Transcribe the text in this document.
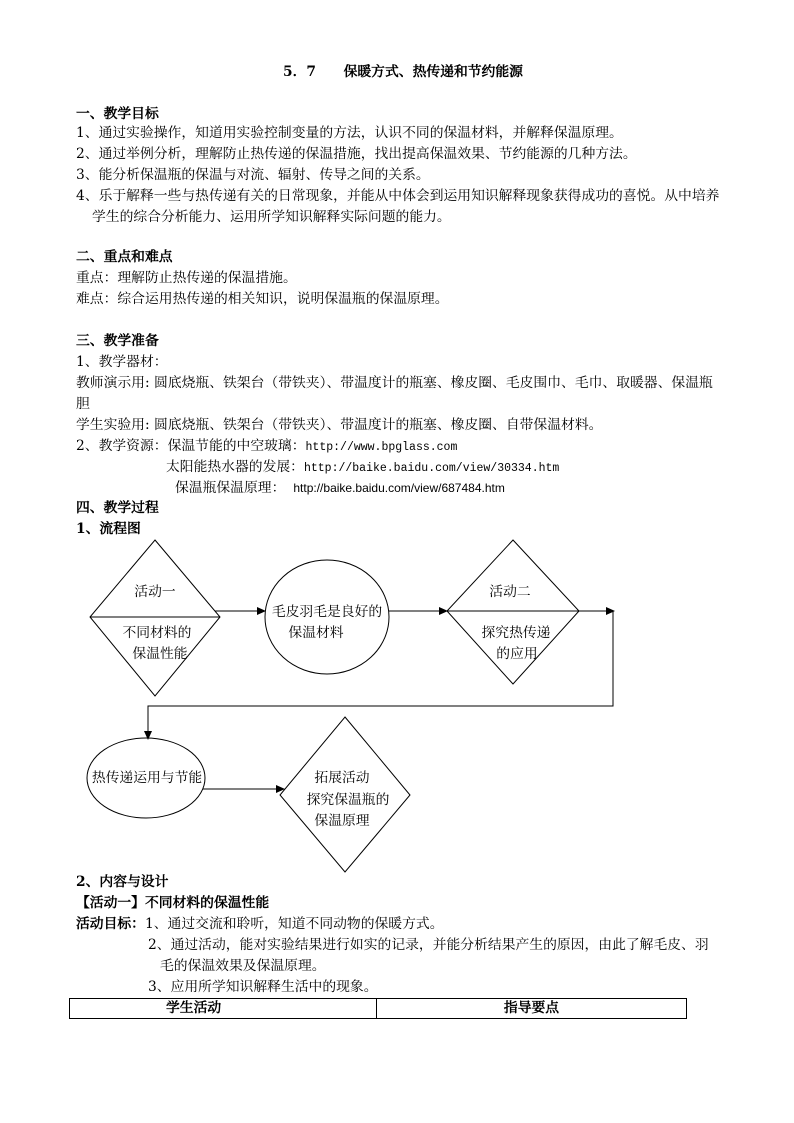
5．7　　保暖方式、热传递和节约能源
一、教学目标
1、通过实验操作，知道用实验控制变量的方法，认识不同的保温材料，并解释保温原理。
2、通过举例分析，理解防止热传递的保温措施，找出提高保温效果、节约能源的几种方法。
3、能分析保温瓶的保温与对流、辐射、传导之间的关系。
4、乐于解释一些与热传递有关的日常现象，并能从中体会到运用知识解释现象获得成功的喜悦。从中培养
学生的综合分析能力、运用所学知识解释实际问题的能力。
二、重点和难点
重点：理解防止热传递的保温措施。
难点：综合运用热传递的相关知识，说明保温瓶的保温原理。
三、教学准备
1、教学器材：
教师演示用: 圆底烧瓶、铁架台（带铁夹）、带温度计的瓶塞、橡皮圈、毛皮围巾、毛巾、取暖器、保温瓶
胆
学生实验用: 圆底烧瓶、铁架台（带铁夹）、带温度计的瓶塞、橡皮圈、自带保温材料。
2、教学资源：保温节能的中空玻璃：http://www.bpglass.com
太阳能热水器的发展：http://baike.baidu.com/view/30334.htm
保温瓶保温原理： http://baike.baidu.com/view/687484.htm
四、教学过程
1、流程图
活动一
不同材料的
保温性能
毛皮羽毛是良好的
保温材料
活动二
探究热传递
的应用
热传递运用与节能	拓展活动
探究保温瓶的
保温原理
2、内容与设计
【活动一】不同材料的保温性能
活动目标：1、通过交流和聆听，知道不同动物的保暖方式。
2、通过活动，能对实验结果进行如实的记录，并能分析结果产生的原因，由此了解毛皮、羽
毛的保温效果及保温原理。
3、应用所学知识解释生活中的现象。
学生活动	指导要点
